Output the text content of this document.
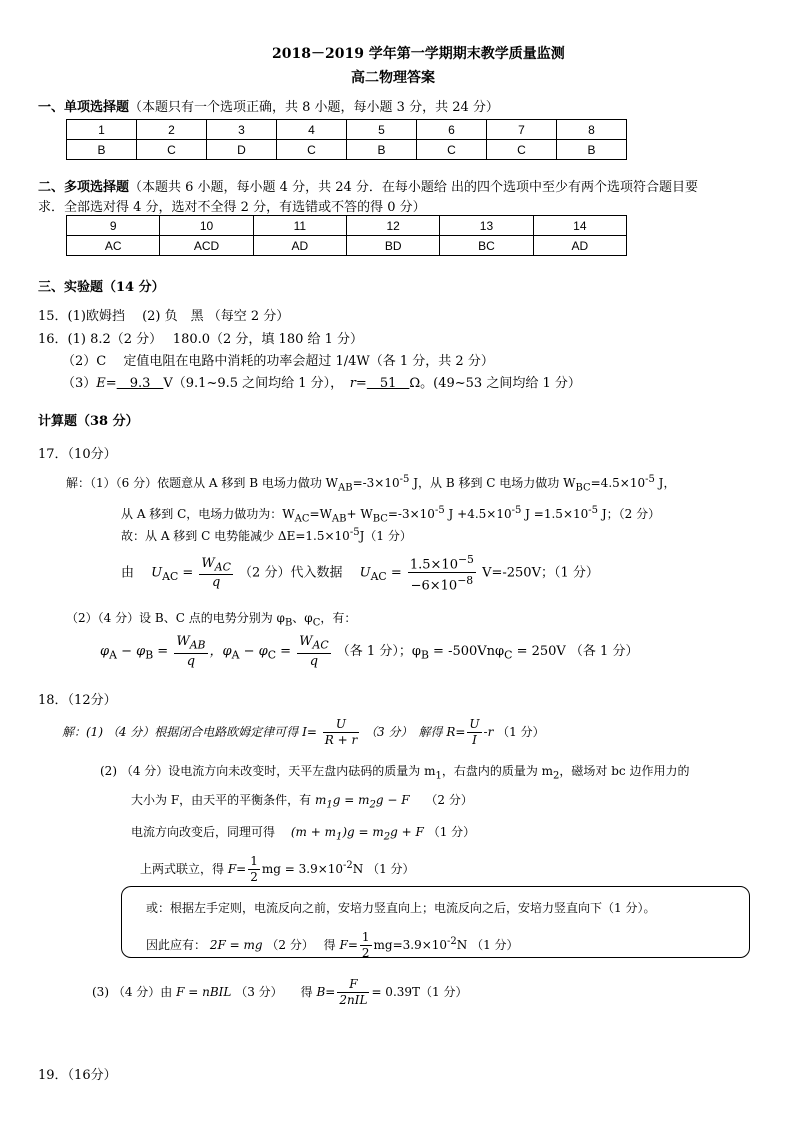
2018－2019 学年第一学期期末教学质量监测
高二物理答案
一、单项选择题（本题只有一个选项正确，共 8 小题，每小题 3 分，共 24 分）
1	2	3	4	5	6	7	8
B	C	D	C	B	C	C	B
二、多项选择题（本题共 6 小题，每小题 4 分，共 24 分．在每小题给 出的四个选项中至少有两个选项符合题目要
求．全部选对得 4 分，选对不全得 2 分，有选错或不答的得 0 分）
9	10	11	12	13	14
AC	ACD	AD	BD	BC	AD
三、实验题（14 分）
15．(1)欧姆挡　 (2) 负　黑 （每空 2 分）
16．(1) 8.2（2 分）　 180.0（2 分，填 180 给 1 分）
（2）C　 定值电阻在电路中消耗的功率会超过 1/4W（各 1 分，共 2 分）
（3）E=　9.3　V（9.1~9.5 之间均给 1 分），　 r=　51　Ω。(49~53 之间均给 1 分）
计算题（38 分）
17．（10分）
解：（1）（6 分）依题意从 A 移到 B 电场力做功 $W_{AB}=-3\times 10^{-5}$ J，从 B 移到 C 电场力做功 $W_{BC}=4.5\times 10^{-5}$ J，
从 A 移到 C，电场力做功为：$W_{AC}=W_{AB}+ W_{BC}=-3\times 10^{-5}$ $J +4.5\times 10^{-5}$ $J =1.5\times 10^{-5}$ J；（2 分）
故：从 A 移到 C 电势能减少 $\Delta E=1.5\times 10^{-5}J(1$ 分）
由　 $U_{AC} = \frac{W_{AC}}{q} (2$ 分）代入数据　 $U_{AC} = \frac{1.5\times 10^{-5}}{-6\times 10^{-8}} V=-250V$；（1 分）
（2）（4 分）设 B、C 点的电势分别为 $\varphi_B$、$\varphi_C$，有：
$\varphi_A - \varphi_B = \frac{W_{AB}}{q}$ ，$\varphi_A - \varphi_C = \frac{W_{AC}}{q}$ （各 1 分）；$\varphi_B = -500Vn\varphi_C = 250V$ （各 1 分）
18．（12分）
解：(1) （4 分）根据闭合电路欧姆定律可得 $I= \frac{U}{R + r} (3$ 分）　解得 $R= \frac{U}{I} -r$ （1 分）
(2) （4 分）设电流方向未改变时，天平左盘内砝码的质量为 $m_1$，右盘内的质量为 $m_2$，磁场对 bc 边作用力的
大小为 F，由天平的平衡条件，有 $m_1g = m_2g - F$　 （2 分）
电流方向改变后，同理可得　 $(m + m_1)g = m_2g + F$ （1 分）
上两式联立，得 $F= \frac{1}{2}$ mg = $3.9\times 10^{-2}N$ （1 分）
或：根据左手定则，电流反向之前，安培力竖直向上；电流反向之后，安培力竖直向下（1 分）。
因此应有： 2F = mg （2 分）　 得 $F= \frac{1}{2} mg=3.9\times 10^{-2}N$ （1 分）
(3) （4 分）由 F = nBIL （3 分）　　得 $B= \frac{F}{\text{2nIL}} = 0.39T(1$ 分）
19．（16分）
